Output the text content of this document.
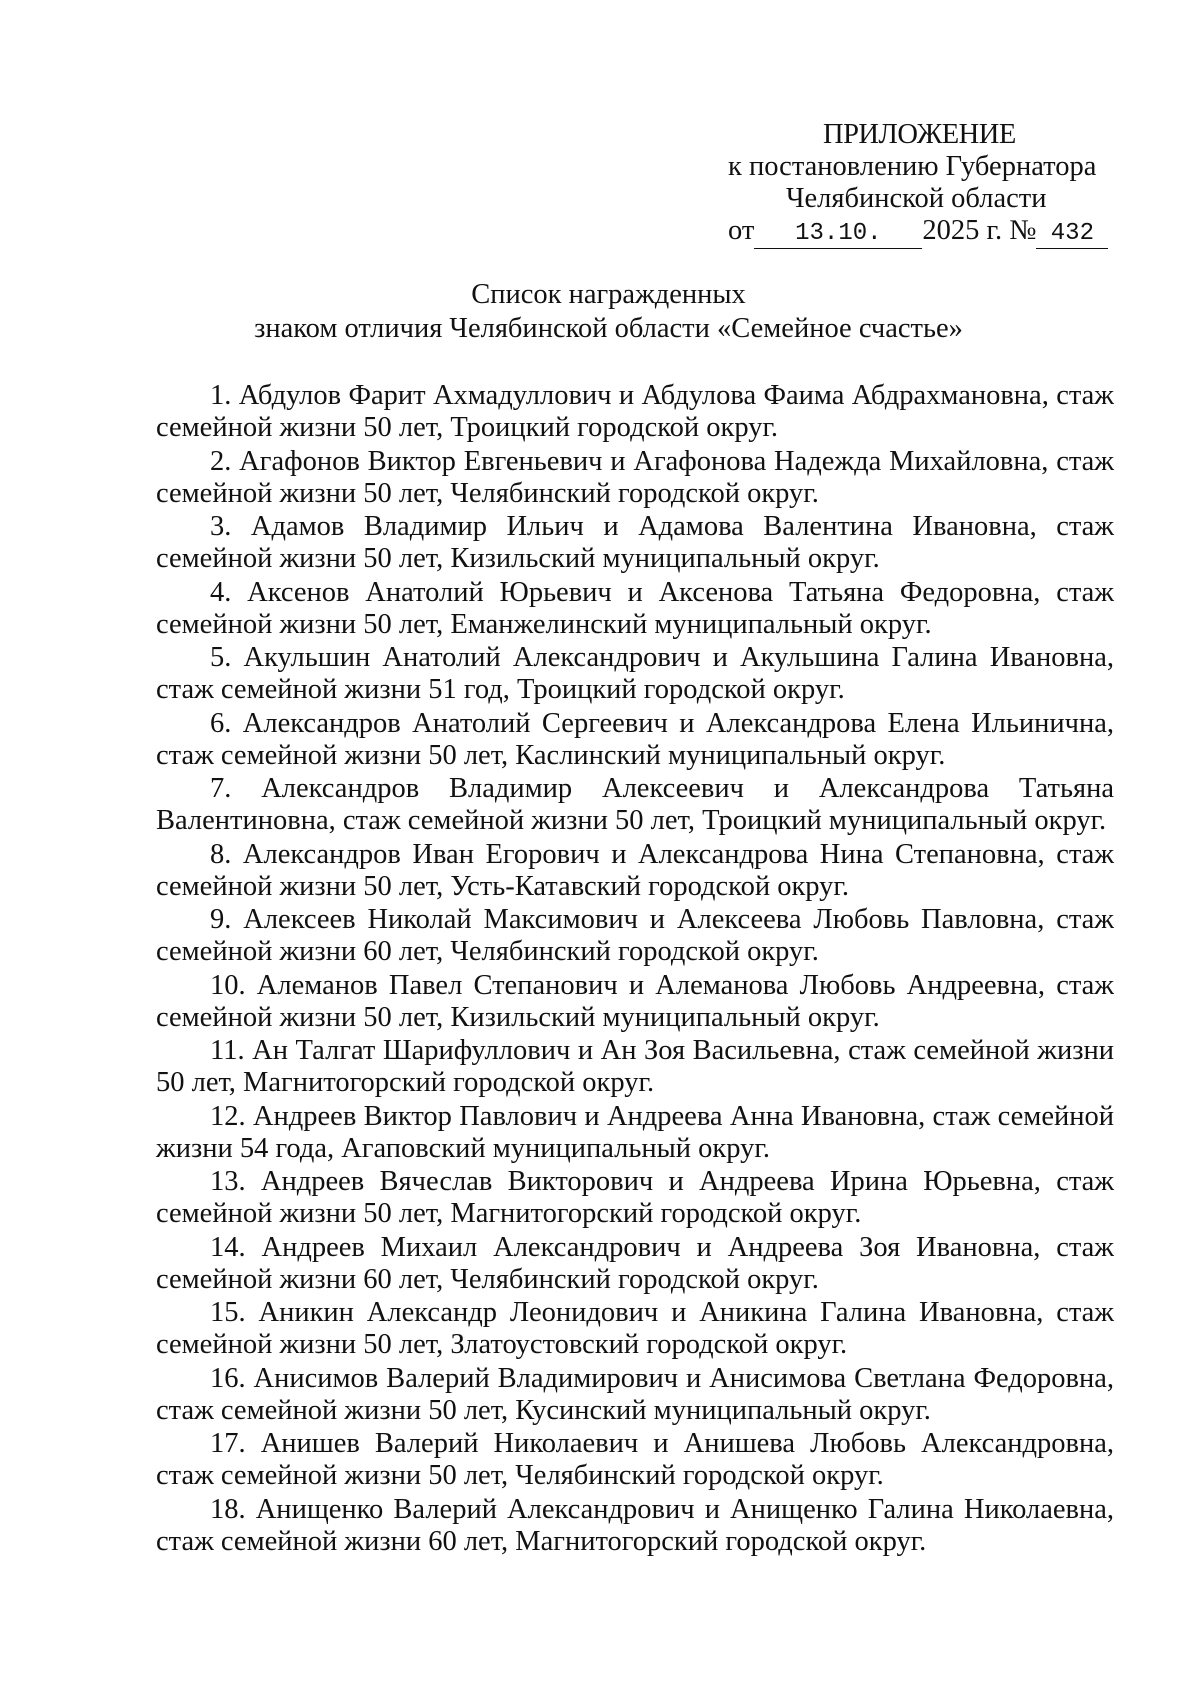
ПРИЛОЖЕНИЕ
к постановлению Губернатора
Челябинской области
от 13.10. 2025 г. № 432
Список награжденных
знаком отличия Челябинской области «Семейное счастье»

1. Абдулов Фарит Ахмадуллович и Абдулова Фаима Абдрахмановна, стаж семейной жизни 50 лет, Троицкий городской округ.

2. Агафонов Виктор Евгеньевич и Агафонова Надежда Михайловна, стаж семейной жизни 50 лет, Челябинский городской округ.

3. Адамов Владимир Ильич и Адамова Валентина Ивановна, стаж семейной жизни 50 лет, Кизильский муниципальный округ.

4. Аксенов Анатолий Юрьевич и Аксенова Татьяна Федоровна, стаж семейной жизни 50 лет, Еманжелинский муниципальный округ.

5. Акульшин Анатолий Александрович и Акульшина Галина Ивановна, стаж семейной жизни 51 год, Троицкий городской округ.

6. Александров Анатолий Сергеевич и Александрова Елена Ильинична, стаж семейной жизни 50 лет, Каслинский муниципальный округ.

7. Александров Владимир Алексеевич и Александрова Татьяна Валентиновна, стаж семейной жизни 50 лет, Троицкий муниципальный округ.

8. Александров Иван Егорович и Александрова Нина Степановна, стаж семейной жизни 50 лет, Усть-Катавский городской округ.

9. Алексеев Николай Максимович и Алексеева Любовь Павловна, стаж семейной жизни 60 лет, Челябинский городской округ.

10. Алеманов Павел Степанович и Алеманова Любовь Андреевна, стаж семейной жизни 50 лет, Кизильский муниципальный округ.

11. Ан Талгат Шарифуллович и Ан Зоя Васильевна, стаж семейной жизни 50 лет, Магнитогорский городской округ.

12. Андреев Виктор Павлович и Андреева Анна Ивановна, стаж семейной жизни 54 года, Агаповский муниципальный округ.

13. Андреев Вячеслав Викторович и Андреева Ирина Юрьевна, стаж семейной жизни 50 лет, Магнитогорский городской округ.

14. Андреев Михаил Александрович и Андреева Зоя Ивановна, стаж семейной жизни 60 лет, Челябинский городской округ.

15. Аникин Александр Леонидович и Аникина Галина Ивановна, стаж семейной жизни 50 лет, Златоустовский городской округ.

16. Анисимов Валерий Владимирович и Анисимова Светлана Федоровна, стаж семейной жизни 50 лет, Кусинский муниципальный округ.

17. Анишев Валерий Николаевич и Анишева Любовь Александровна, стаж семейной жизни 50 лет, Челябинский городской округ.

18. Анищенко Валерий Александрович и Анищенко Галина Николаевна, стаж семейной жизни 60 лет, Магнитогорский городской округ.
